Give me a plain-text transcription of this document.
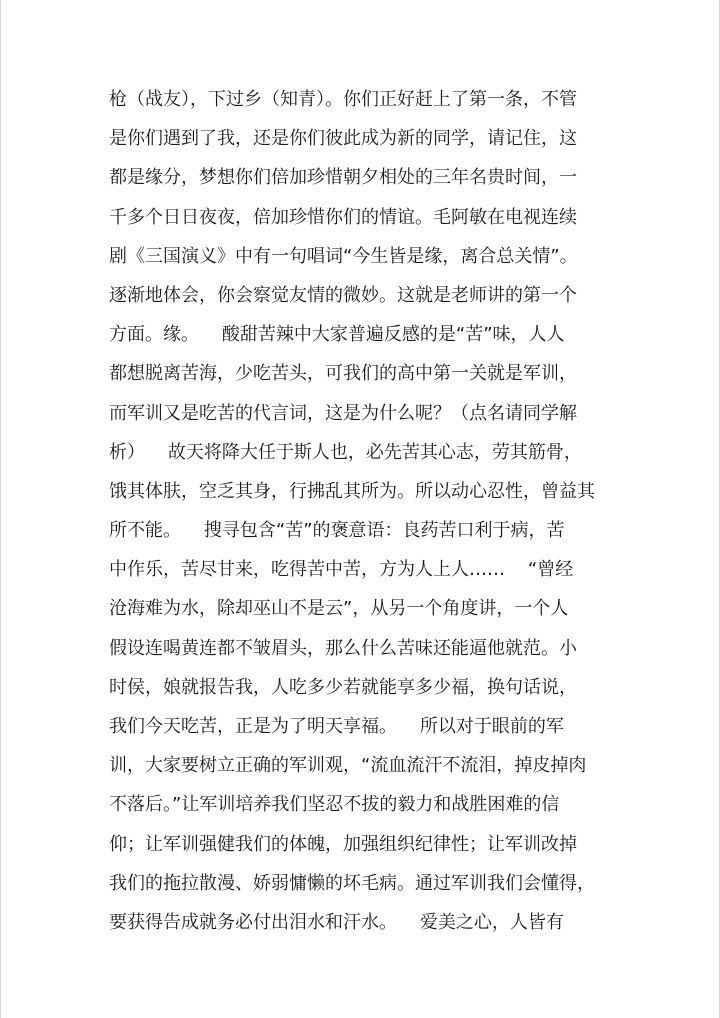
枪（战友），下过乡（知青）。你们正好赶上了第一条，不管
是你们遇到了我，还是你们彼此成为新的同学，请记住，这
都是缘分，梦想你们倍加珍惜朝夕相处的三年名贵时间，一
千多个日日夜夜，倍加珍惜你们的情谊。毛阿敏在电视连续
剧《三国演义》中有一句唱词“今生皆是缘，离合总关情”。
逐渐地体会，你会察觉友情的微妙。这就是老师讲的第一个
方面。缘。    酸甜苦辣中大家普遍反感的是“苦”味，人人
都想脱离苦海，少吃苦头，可我们的高中第一关就是军训，
而军训又是吃苦的代言词，这是为什么呢？（点名请同学解
析）    故天将降大任于斯人也，必先苦其心志，劳其筋骨，
饿其体肤，空乏其身，行拂乱其所为。所以动心忍性，曾益其
所不能。    搜寻包含“苦”的褒意语：良药苦口利于病，苦
中作乐，苦尽甘来，吃得苦中苦，方为人上人……    “曾经
沧海难为水，除却巫山不是云”，从另一个角度讲，一个人
假设连喝黄连都不皱眉头，那么什么苦味还能逼他就范。小
时侯，娘就报告我，人吃多少若就能享多少福，换句话说，
我们今天吃苦，正是为了明天享福。    所以对于眼前的军
训，大家要树立正确的军训观，“流血流汗不流泪，掉皮掉肉
不落后。”让军训培养我们坚忍不拔的毅力和战胜困难的信
仰；让军训强健我们的体魄，加强组织纪律性；让军训改掉
我们的拖拉散漫、娇弱慵懒的坏毛病。通过军训我们会懂得，
要获得告成就务必付出泪水和汗水。    爱美之心，人皆有
